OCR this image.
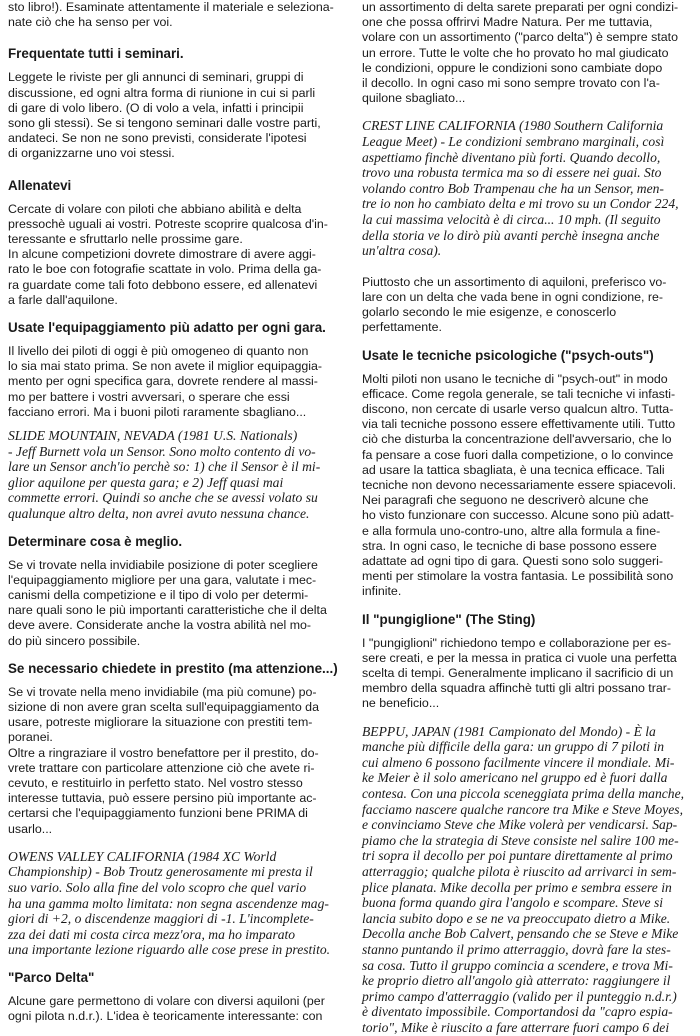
sto libro!). Esaminate attentamente il materiale e seleziona-
nate ciò che ha senso per voi.
Frequentate tutti i seminari.
Leggete le riviste per gli annunci di seminari, gruppi di
discussione, ed ogni altra forma di riunione in cui si parli
di gare di volo libero. (O di volo a vela, infatti i principii
sono gli stessi). Se si tengono seminari dalle vostre parti,
andateci. Se non ne sono previsti, considerate l'ipotesi
di organizzarne uno voi stessi.
Allenatevi
Cercate di volare con piloti che abbiano abilità e delta
pressochè uguali ai vostri. Potreste scoprire qualcosa d'in-
teressante e sfruttarlo nelle prossime gare.
In alcune competizioni dovrete dimostrare di avere aggi-
rato le boe con fotografie scattate in volo. Prima della ga-
ra guardate come tali foto debbono essere, ed allenatevi
a farle dall'aquilone.
Usate l'equipaggiamento più adatto per ogni gara.
Il livello dei piloti di oggi è più omogeneo di quanto non
lo sia mai stato prima. Se non avete il miglior equipaggia-
mento per ogni specifica gara, dovrete rendere al massi-
mo per battere i vostri avversari, o sperare che essi
facciano errori. Ma i buoni piloti raramente sbagliano...
SLIDE MOUNTAIN, NEVADA (1981 U.S. Nationals)
- Jeff Burnett vola un Sensor. Sono molto contento di vo-
lare un Sensor anch'io perchè so: 1) che il Sensor è il mi-
glior aquilone per questa gara; e 2) Jeff quasi mai
commette errori. Quindi so anche che se avessi volato su
qualunque altro delta, non avrei avuto nessuna chance.
Determinare cosa è meglio.
Se vi trovate nella invidiabile posizione di poter scegliere
l'equipaggiamento migliore per una gara, valutate i mec-
canismi della competizione e il tipo di volo per determi-
nare quali sono le più importanti caratteristiche che il delta
deve avere. Considerate anche la vostra abilità nel mo-
do più sincero possibile.
Se necessario chiedete in prestito (ma attenzione...)
Se vi trovate nella meno invidiabile (ma più comune) po-
sizione di non avere gran scelta sull'equipaggiamento da
usare, potreste migliorare la situazione con prestiti tem-
poranei.
Oltre a ringraziare il vostro benefattore per il prestito, do-
vrete trattare con particolare attenzione ciò che avete ri-
cevuto, e restituirlo in perfetto stato. Nel vostro stesso
interesse tuttavia, può essere persino più importante ac-
certarsi che l'equipaggiamento funzioni bene PRIMA di
usarlo...
OWENS VALLEY CALIFORNIA (1984 XC World
Championship) - Bob Troutz generosamente mi presta il
suo vario. Solo alla fine del volo scopro che quel vario
ha una gamma molto limitata: non segna ascendenze mag-
giori di +2, o discendenze maggiori di -1. L'incomplete-
zza dei dati mi costa circa mezz'ora, ma ho imparato
una importante lezione riguardo alle cose prese in prestito.
"Parco Delta"
Alcune gare permettono di volare con diversi aquiloni (per
ogni pilota n.d.r.). L'idea è teoricamente interessante: con
un assortimento di delta sarete preparati per ogni condizi-
one che possa offrirvi Madre Natura. Per me tuttavia,
volare con un assortimento ("parco delta") è sempre stato
un errore. Tutte le volte che ho provato ho mal giudicato
le condizioni, oppure le condizioni sono cambiate dopo
il decollo. In ogni caso mi sono sempre trovato con l'a-
quilone sbagliato...
CREST LINE CALIFORNIA (1980 Southern California
League Meet) - Le condizioni sembrano marginali, così
aspettiamo finchè diventano più forti. Quando decollo,
trovo una robusta termica ma so di essere nei guai. Sto
volando contro Bob Trampenau che ha un Sensor, men-
tre io non ho cambiato delta e mi trovo su un Condor 224,
la cui massima velocità è di circa... 10 mph. (Il seguito
della storia ve lo dirò più avanti perchè insegna anche
un'altra cosa).
Piuttosto che un assortimento di aquiloni, preferisco vo-
lare con un delta che vada bene in ogni condizione, re-
golarlo secondo le mie esigenze, e conoscerlo
perfettamente.
Usate le tecniche psicologiche ("psych-outs")
Molti piloti non usano le tecniche di "psych-out" in modo
efficace. Come regola generale, se tali tecniche vi infasti-
discono, non cercate di usarle verso qualcun altro. Tutta-
via tali tecniche possono essere effettivamente utili. Tutto
ciò che disturba la concentrazione dell'avversario, che lo
fa pensare a cose fuori dalla competizione, o lo convince
ad usare la tattica sbagliata, è una tecnica efficace. Tali
tecniche non devono necessariamente essere spiacevoli.
Nei paragrafi che seguono ne descriverò alcune che
ho visto funzionare con successo. Alcune sono più adatt-
e alla formula uno-contro-uno, altre alla formula a fine-
stra. In ogni caso, le tecniche di base possono essere
adattate ad ogni tipo di gara. Questi sono solo suggeri-
menti per stimolare la vostra fantasia. Le possibilità sono
infinite.
Il "pungiglione" (The Sting)
I "pungiglioni" richiedono tempo e collaborazione per es-
sere creati, e per la messa in pratica ci vuole una perfetta
scelta di tempi. Generalmente implicano il sacrificio di un
membro della squadra affinchè tutti gli altri possano trar-
ne beneficio...
BEPPU, JAPAN (1981 Campionato del Mondo) - È la
manche più difficile della gara: un gruppo di 7 piloti in
cui almeno 6 possono facilmente vincere il mondiale. Mi-
ke Meier è il solo americano nel gruppo ed è fuori dalla
contesa. Con una piccola sceneggiata prima della manche,
facciamo nascere qualche rancore tra Mike e Steve Moyes,
e convinciamo Steve che Mike volerà per vendicarsi. Sap-
piamo che la strategia di Steve consiste nel salire 100 me-
tri sopra il decollo per poi puntare direttamente al primo
atterraggio; qualche pilota è riuscito ad arrivarci in sem-
plice planata. Mike decolla per primo e sembra essere in
buona forma quando gira l'angolo e scompare. Steve si
lancia subito dopo e se ne va preoccupato dietro a Mike.
Decolla anche Bob Calvert, pensando che se Steve e Mike
stanno puntando il primo atterraggio, dovrà fare la stes-
sa cosa. Tutto il gruppo comincia a scendere, e trova Mi-
ke proprio dietro all'angolo già atterrato: raggiungere il
primo campo d'atterraggio (valido per il punteggio n.d.r.)
è diventato impossibile. Comportandosi da "capro espia-
torio", Mike è riuscito a fare atterrare fuori campo 6 dei
